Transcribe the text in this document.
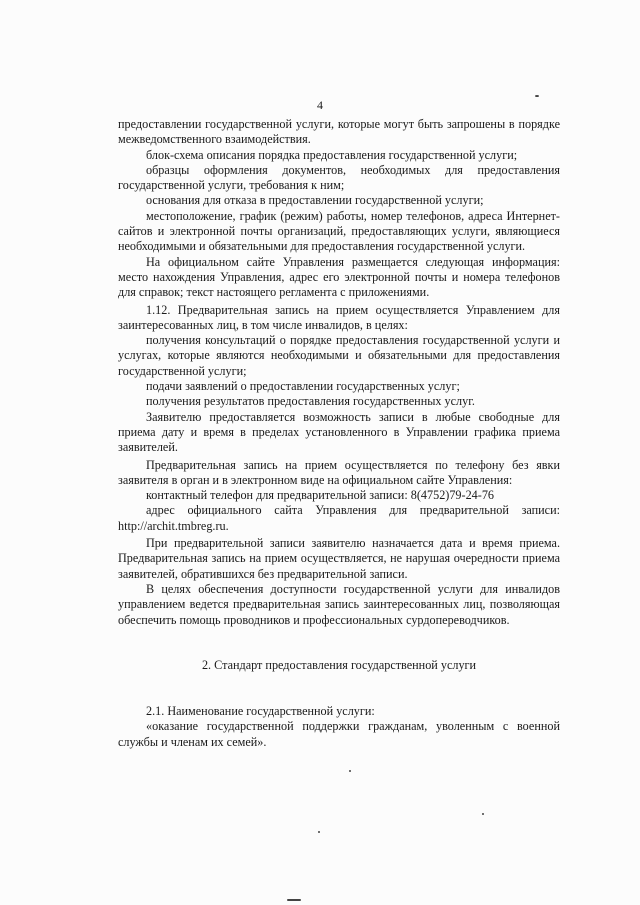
4

предоставлении государственной услуги, которые могут быть запрошены в порядке межведомственного взаимодействия.

блок-схема описания порядка предоставления государственной услуги;

образцы оформления документов, необходимых для предоставления государственной услуги, требования к ним;

основания для отказа в предоставлении государственной услуги;

местоположение, график (режим) работы, номер телефонов, адреса Интернет-сайтов и электронной почты организаций, предоставляющих услуги, являющиеся необходимыми и обязательными для предоставления государственной услуги.

На официальном сайте Управления размещается следующая информация: место нахождения Управления, адрес его электронной почты и номера телефонов для справок; текст настоящего регламента с приложениями.

1.12. Предварительная запись на прием осуществляется Управлением для заинтересованных лиц, в том числе инвалидов, в целях:

получения консультаций о порядке предоставления государственной услуги и услугах, которые являются необходимыми и обязательными для предоставления государственной услуги;

подачи заявлений о предоставлении государственных услуг;

получения результатов предоставления государственных услуг.

Заявителю предоставляется возможность записи в любые свободные для приема дату и время в пределах установленного в Управлении графика приема заявителей.

Предварительная запись на прием осуществляется по телефону без явки заявителя в орган и в электронном виде на официальном сайте Управления:

контактный телефон для предварительной записи: 8(4752)79-24-76

адрес официального сайта Управления для предварительной записи: http://archit.tmbreg.ru.

При предварительной записи заявителю назначается дата и время приема. Предварительная запись на прием осуществляется, не нарушая очередности приема заявителей, обратившихся без предварительной записи.

В целях обеспечения доступности государственной услуги для инвалидов управлением ведется предварительная запись заинтересованных лиц, позволяющая обеспечить помощь проводников и профессиональных сурдопереводчиков.

2. Стандарт предоставления государственной услуги

2.1. Наименование государственной услуги:

«оказание государственной поддержки гражданам, уволенным с военной службы и членам их семей».
